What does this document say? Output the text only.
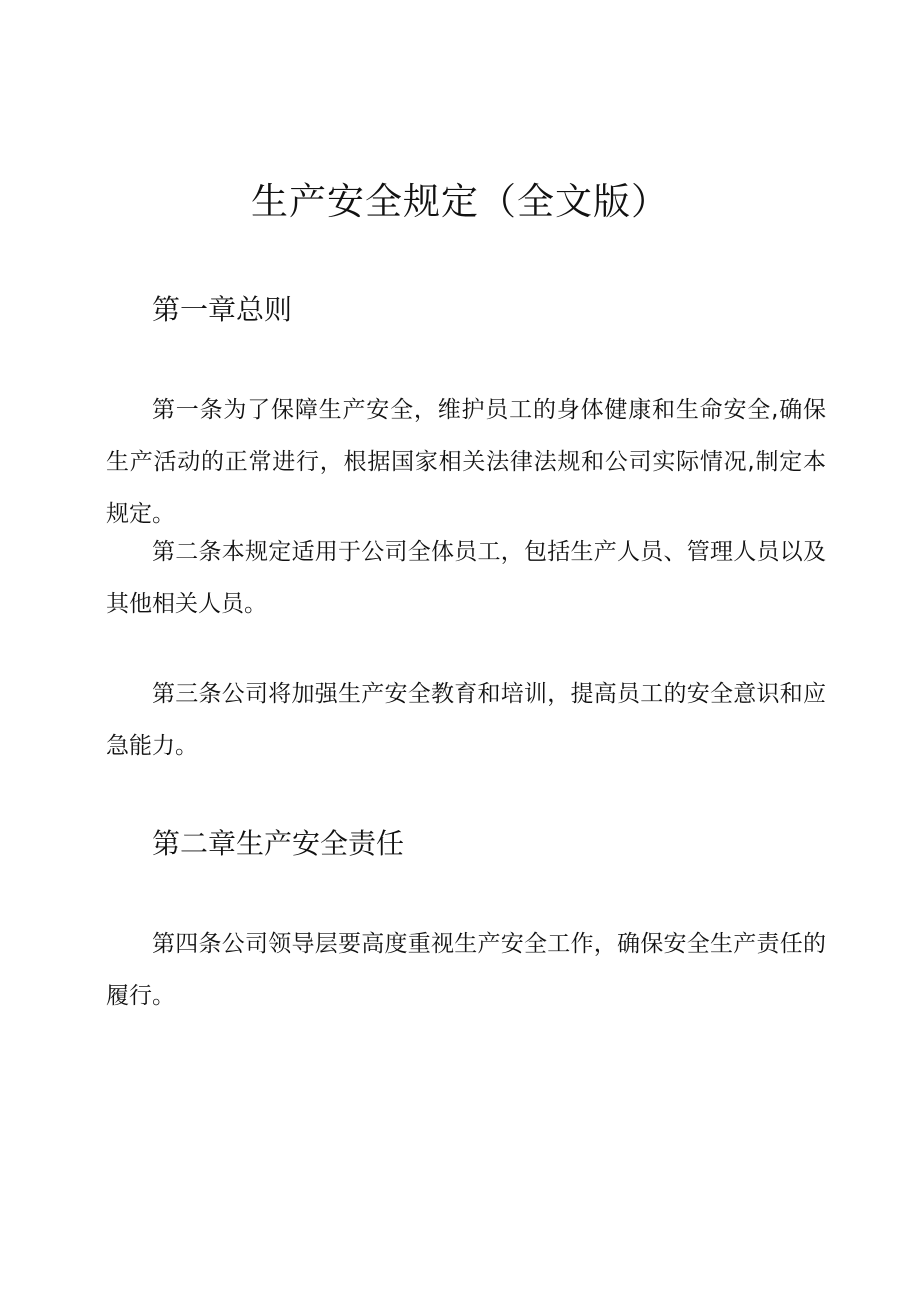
生产安全规定（全文版）
第一章总则

第一条为了保障生产安全，维护员工的身体健康和生命安全,确保生产活动的正常进行，根据国家相关法律法规和公司实际情况,制定本规定。

第二条本规定适用于公司全体员工，包括生产人员、管理人员以及其他相关人员。

第三条公司将加强生产安全教育和培训，提高员工的安全意识和应急能力。

第二章生产安全责任

第四条公司领导层要高度重视生产安全工作，确保安全生产责任的履行。
